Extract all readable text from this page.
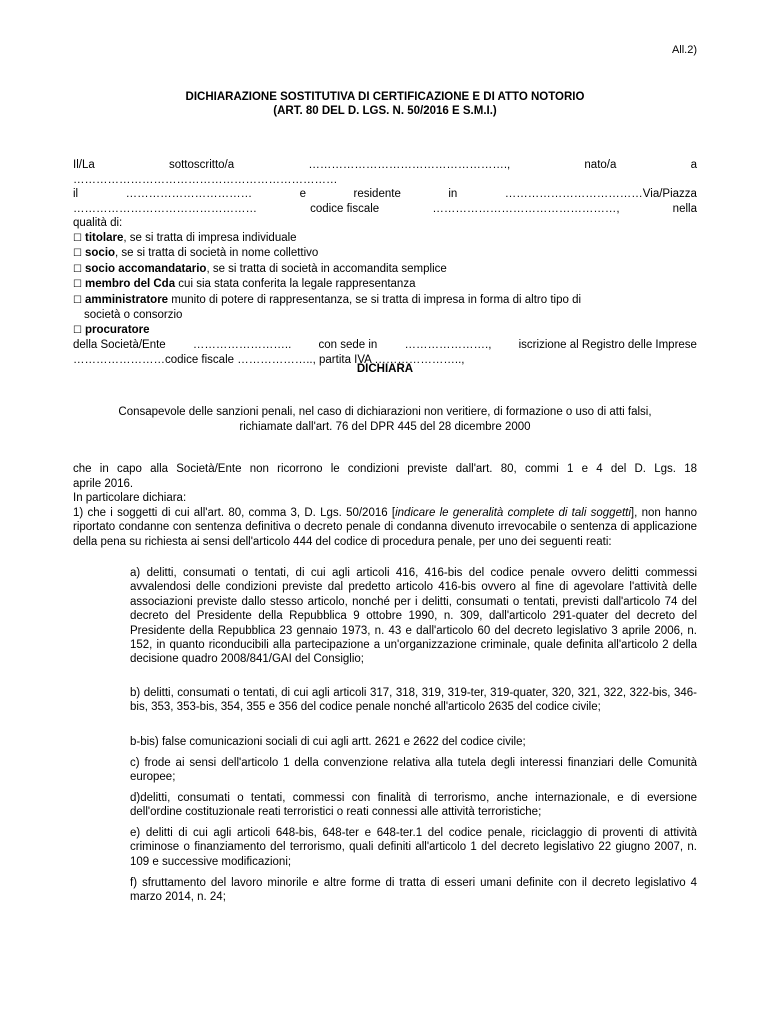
All.2)
DICHIARAZIONE SOSTITUTIVA DI CERTIFICAZIONE E DI ATTO NOTORIO
(ART. 80 DEL D. LGS. N. 50/2016 E S.M.I.)
Il/La	sottoscritto/a	…………………………………………….,	nato/a	a
……………………………………………………………
il	……………………………	e	residente	in	………………………………Via/Piazza
…………………………………………	codice fiscale	…………………………………………,	nella
qualità di:
☐ titolare, se si tratta di impresa individuale
☐ socio, se si tratta di società in nome collettivo
☐ socio accomandatario, se si tratta di società in accomandita semplice
☐ membro del Cda cui sia stata conferita la legale rappresentanza
☐ amministratore munito di potere di rappresentanza, se si tratta di impresa in forma di altro tipo di
società o consorzio
☐ procuratore
della Società/Ente …………………….. con sede in …………………., iscrizione al Registro delle Imprese
……………………codice fiscale ……………….., partita IVA …………………..,
DICHIARA
Consapevole delle sanzioni penali, nel caso di dichiarazioni non veritiere, di formazione o uso di atti falsi,
richiamate dall'art. 76 del DPR 445 del 28 dicembre 2000
che in capo alla Società/Ente non ricorrono le condizioni previste dall'art. 80, commi 1 e 4 del D. Lgs. 18
aprile 2016.
In particolare dichiara:
1) che i soggetti di cui all'art. 80, comma 3, D. Lgs. 50/2016 [indicare le generalità complete di tali soggetti], non hanno riportato condanne con sentenza definitiva o decreto penale di condanna divenuto irrevocabile o sentenza di applicazione della pena su richiesta ai sensi dell'articolo 444 del codice di procedura penale, per uno dei seguenti reati:
a) delitti, consumati o tentati, di cui agli articoli 416, 416-bis del codice penale ovvero delitti commessi avvalendosi delle condizioni previste dal predetto articolo 416-bis ovvero al fine di agevolare l'attività delle associazioni previste dallo stesso articolo, nonché per i delitti, consumati o tentati, previsti dall'articolo 74 del decreto del Presidente della Repubblica 9 ottobre 1990, n. 309, dall'articolo 291-quater del decreto del Presidente della Repubblica 23 gennaio 1973, n. 43 e dall'articolo 60 del decreto legislativo 3 aprile 2006, n. 152, in quanto riconducibili alla partecipazione a un'organizzazione criminale, quale definita all'articolo 2 della decisione quadro 2008/841/GAI del Consiglio;
b) delitti, consumati o tentati, di cui agli articoli 317, 318, 319, 319-ter, 319-quater, 320, 321, 322, 322-bis, 346-bis, 353, 353-bis, 354, 355 e 356 del codice penale nonché all'articolo 2635 del codice civile;
b-bis) false comunicazioni sociali di cui agli artt. 2621 e 2622 del codice civile;
c) frode ai sensi dell'articolo 1 della convenzione relativa alla tutela degli interessi finanziari delle Comunità europee;
d)delitti, consumati o tentati, commessi con finalità di terrorismo, anche internazionale, e di eversione dell'ordine costituzionale reati terroristici o reati connessi alle attività terroristiche;
e) delitti di cui agli articoli 648-bis, 648-ter e 648-ter.1 del codice penale, riciclaggio di proventi di attività criminose o finanziamento del terrorismo, quali definiti all'articolo 1 del decreto legislativo 22 giugno 2007, n. 109 e successive modificazioni;
f) sfruttamento del lavoro minorile e altre forme di tratta di esseri umani definite con il decreto legislativo 4 marzo 2014, n. 24;
